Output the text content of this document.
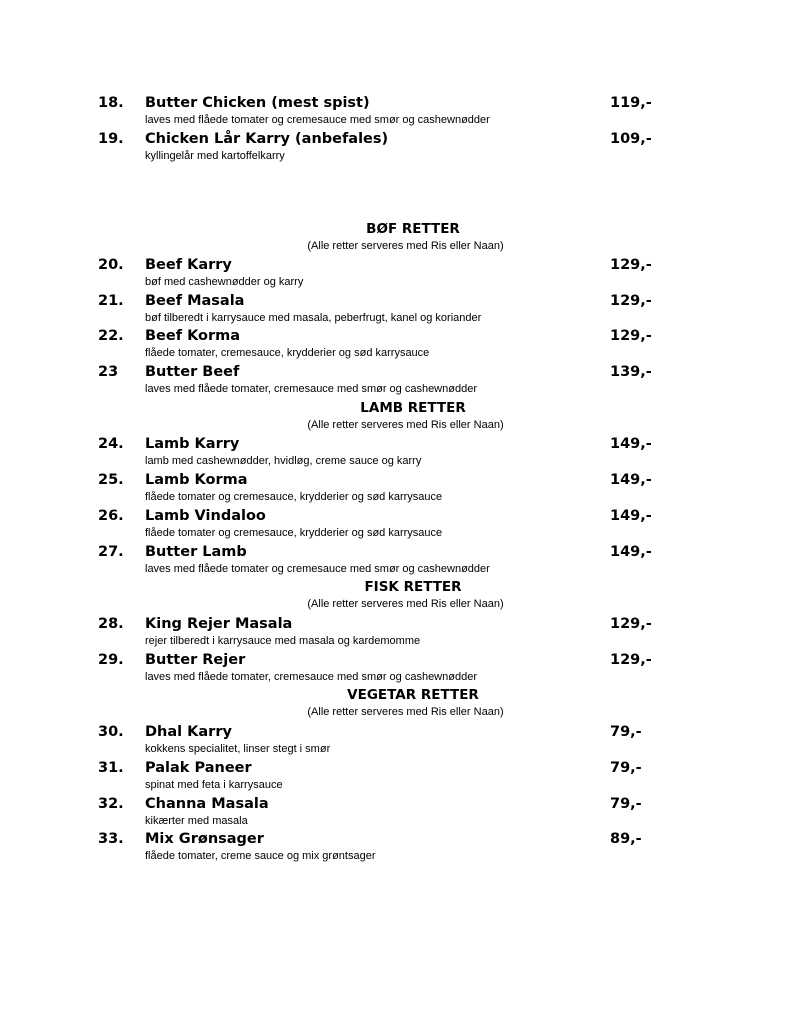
18. Butter Chicken (mest spist)	119,-
laves med flåede tomater og cremesauce med smør og cashewnødder
19. Chicken Lår Karry (anbefales)	109,-
kyllingelår med kartoffelkarry
BØF RETTER
(Alle retter serveres med Ris eller Naan)
20. Beef Karry	129,-
bøf med cashewnødder og karry
21. Beef Masala	129,-
bøf tilberedt i karrysauce med masala, peberfrugt, kanel og koriander
22. Beef Korma	129,-
flåede tomater, cremesauce, krydderier og sød karrysauce
23 Butter Beef	139,-
laves med flåede tomater, cremesauce med smør og cashewnødder
LAMB RETTER
(Alle retter serveres med Ris eller Naan)
24. Lamb Karry	149,-
lamb med cashewnødder, hvidløg, creme sauce og karry
25. Lamb Korma	149,-
flåede tomater og cremesauce, krydderier og sød karrysauce
26. Lamb Vindaloo	149,-
flåede tomater og cremesauce, krydderier og sød karrysauce
27. Butter Lamb	149,-
laves med flåede tomater og cremesauce med smør og cashewnødder
FISK RETTER
(Alle retter serveres med Ris eller Naan)
28. King Rejer Masala	129,-
rejer tilberedt i karrysauce med masala og kardemomme
29. Butter Rejer	129,-
laves med flåede tomater, cremesauce med smør og cashewnødder
VEGETAR RETTER
(Alle retter serveres med Ris eller Naan)
30. Dhal Karry	79,-
kokkens specialitet, linser stegt i smør
31. Palak Paneer	79,-
spinat med feta i karrysauce
32. Channa Masala	79,-
kikærter med masala
33. Mix Grønsager	89,-
flåede tomater, creme sauce og mix grøntsager
